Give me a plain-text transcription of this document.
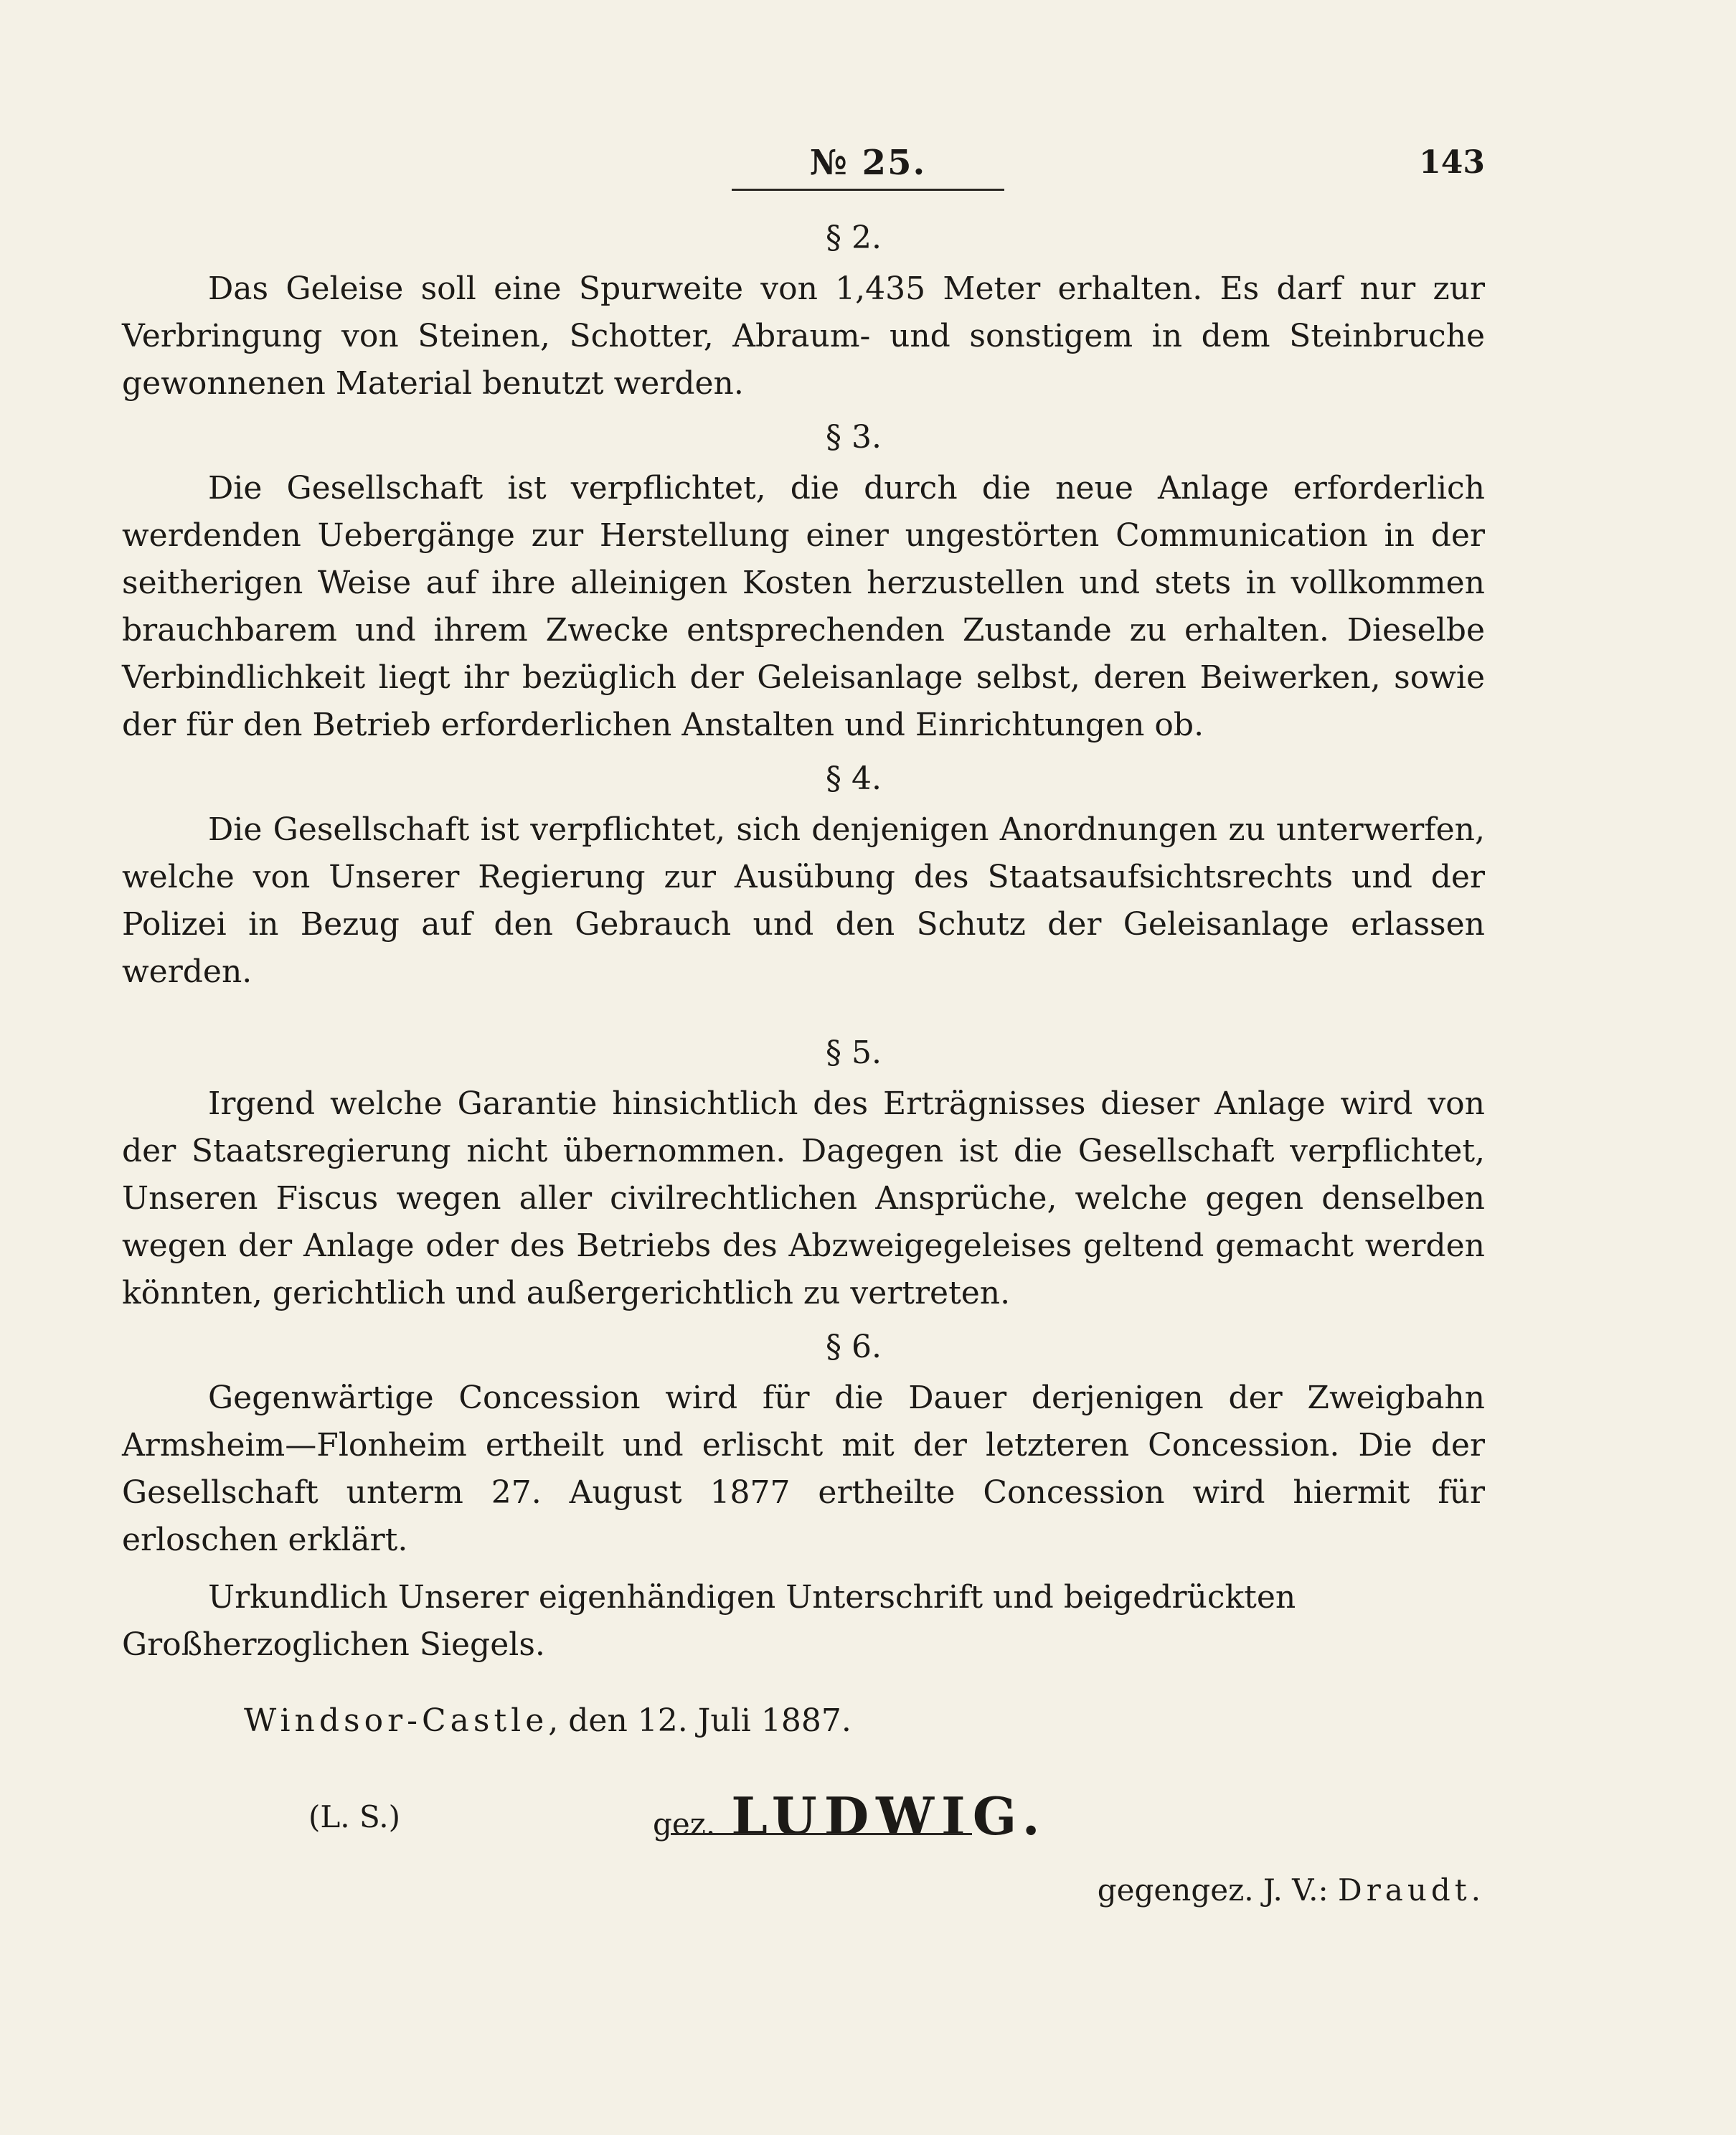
№ 25.	143
§ 2.

Das Geleise soll eine Spurweite von 1,435 Meter erhalten. Es darf nur zur Verbringung von Steinen, Schotter, Abraum- und sonstigem in dem Steinbruche gewonnenen Material benutzt werden.

§ 3.

Die Gesellschaft ist verpflichtet, die durch die neue Anlage erforderlich werdenden Uebergänge zur Herstellung einer ungestörten Communication in der seitherigen Weise auf ihre alleinigen Kosten herzustellen und stets in vollkommen brauchbarem und ihrem Zwecke entsprechenden Zustande zu erhalten. Dieselbe Verbindlichkeit liegt ihr bezüglich der Geleisanlage selbst, deren Beiwerken, sowie der für den Betrieb erforderlichen Anstalten und Einrichtungen ob.

§ 4.

Die Gesellschaft ist verpflichtet, sich denjenigen Anordnungen zu unterwerfen, welche von Unserer Regierung zur Ausübung des Staatsaufsichtsrechts und der Polizei in Bezug auf den Gebrauch und den Schutz der Geleisanlage erlassen werden.

§ 5.

Irgend welche Garantie hinsichtlich des Erträgnisses dieser Anlage wird von der Staatsregierung nicht übernommen. Dagegen ist die Gesellschaft verpflichtet, Unseren Fiscus wegen aller civilrechtlichen Ansprüche, welche gegen denselben wegen der Anlage oder des Betriebs des Abzweigegeleises geltend gemacht werden könnten, gerichtlich und außergerichtlich zu vertreten.

§ 6.

Gegenwärtige Concession wird für die Dauer derjenigen der Zweigbahn Armsheim—Flonheim ertheilt und erlischt mit der letzteren Concession. Die der Gesellschaft unterm 27. August 1877 ertheilte Concession wird hiermit für erloschen erklärt.

Urkundlich Unserer eigenhändigen Unterschrift und beigedrückten Großherzoglichen Siegels.

Windsor-Castle, den 12. Juli 1887.

(L. S.)	gez. LUDWIG.
gegengez. J. V.: Draudt.
